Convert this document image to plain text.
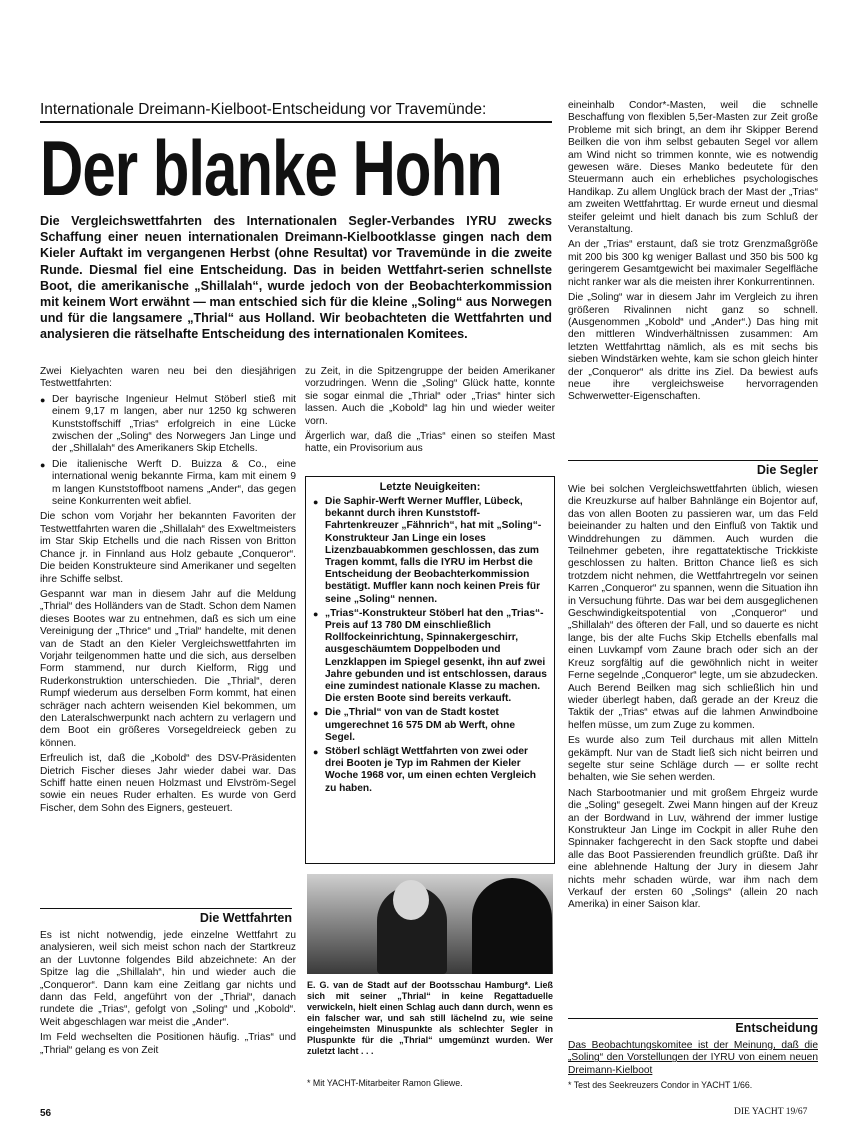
Internationale Dreimann-Kielboot-Entscheidung vor Travemünde:
Der blanke Hohn
Die Vergleichswettfahrten des Internationalen Segler-Verbandes IYRU zwecks Schaffung einer neuen internationalen Dreimann-Kielbootklasse gingen nach dem Kieler Auftakt im vergangenen Herbst (ohne Resultat) vor Travemünde in die zweite Runde. Diesmal fiel eine Entscheidung. Das in beiden Wettfahrt-serien schnellste Boot, die amerikanische „Shillalah“, wurde jedoch von der Beobachterkommission mit keinem Wort erwähnt — man entschied sich für die kleine „Soling“ aus Norwegen und für die langsamere „Thrial“ aus Holland. Wir beobachteten die Wettfahrten und analysieren die rätselhafte Entscheidung des internationalen Komitees.

Zwei Kielyachten waren neu bei den diesjährigen Testwettfahrten:

● Der bayrische Ingenieur Helmut Stöberl stieß mit einem 9,17 m langen, aber nur 1250 kg schweren Kunststoffschiff „Trias“ erfolgreich in eine Lücke zwischen der „Soling“ des Norwegers Jan Linge und der „Shillalah“ des Amerikaners Skip Etchells.

● Die italienische Werft D. Buizza & Co., eine international wenig bekannte Firma, kam mit einem 9 m langen Kunststoffboot namens „Ander“, das gegen seine Konkurrenten weit abfiel.

Die schon vom Vorjahr her bekannten Favoriten der Testwettfahrten waren die „Shillalah“ des Exweltmeisters im Star Skip Etchells und die nach Rissen von Britton Chance jr. in Finnland aus Holz gebaute „Conqueror“. Die beiden Konstrukteure sind Amerikaner und segelten ihre Schiffe selbst.

Gespannt war man in diesem Jahr auf die Meldung „Thrial“ des Holländers van de Stadt. Schon dem Namen dieses Bootes war zu entnehmen, daß es sich um eine Vereinigung der „Thrice“ und „Trial“ handelte, mit denen van de Stadt an den Kieler Vergleichswettfahrten im Vorjahr teilgenommen hatte und die sich, aus derselben Form stammend, nur durch Kielform, Rigg und Ruderkonstruktion unterschieden. Die „Thrial“, deren Rumpf wiederum aus derselben Form kommt, hat einen schräger nach achtern weisenden Kiel bekommen, um den Lateralschwerpunkt nach achtern zu verlagern und dem Boot ein größeres Vorsegeldreieck geben zu können.

Erfreulich ist, daß die „Kobold“ des DSV-Präsidenten Dietrich Fischer dieses Jahr wieder dabei war. Das Schiff hatte einen neuen Holzmast und Elvström-Segel sowie ein neues Ruder erhalten. Es wurde von Gerd Fischer, dem Sohn des Eigners, gesteuert.

Die Wettfahrten

Es ist nicht notwendig, jede einzelne Wettfahrt zu analysieren, weil sich meist schon nach der Startkreuz an der Luvtonne folgendes Bild abzeichnete: An der Spitze lag die „Shillalah“, hin und wieder auch die „Conqueror“. Dann kam eine Zeitlang gar nichts und dann das Feld, angeführt von der „Thrial“, danach rundete die „Trias“, gefolgt von „Soling“ und „Kobold“. Weit abgeschlagen war meist die „Ander“.

Im Feld wechselten die Positionen häufig. „Trias“ und „Thrial“ gelang es von Zeit

zu Zeit, in die Spitzengruppe der beiden Amerikaner vorzudringen. Wenn die „Soling“ Glück hatte, konnte sie sogar einmal die „Thrial“ oder „Trias“ hinter sich lassen. Auch die „Kobold“ lag hin und wieder weiter vorn.

Ärgerlich war, daß die „Trias“ einen so steifen Mast hatte, ein Provisorium aus

Letzte Neuigkeiten:

● Die Saphir-Werft Werner Muffler, Lübeck, bekannt durch ihren Kunststoff-Fahrtenkreuzer „Fähnrich“, hat mit „Soling“-Konstrukteur Jan Linge ein loses Lizenzbauabkommen geschlossen, das zum Tragen kommt, falls die IYRU im Herbst die Entscheidung der Beobachterkommission bestätigt. Muffler kann noch keinen Preis für seine „Soling“ nennen.

● „Trias“-Konstrukteur Stöberl hat den „Trias“-Preis auf 13 780 DM einschließlich Rollfockeinrichtung, Spinnakergeschirr, ausgeschäumtem Doppelboden und Lenzklappen im Spiegel gesenkt, ihn auf zwei Jahre gebunden und ist entschlossen, daraus eine zumindest nationale Klasse zu machen. Die ersten Boote sind bereits verkauft.

● Die „Thrial“ von van de Stadt kostet umgerechnet 16 575 DM ab Werft, ohne Segel.

● Stöberl schlägt Wettfahrten von zwei oder drei Booten je Typ im Rahmen der Kieler Woche 1968 vor, um einen echten Vergleich zu haben.

E. G. van de Stadt auf der Bootsschau Hamburg*. Ließ sich mit seiner „Thrial“ in keine Regattaduelle verwickeln, hielt einen Schlag auch dann durch, wenn es ein falscher war, und sah still lächelnd zu, wie seine eingeheimsten Minuspunkte als schlechter Segler in Pluspunkte für die „Thrial“ umgemünzt wurden. Wer zuletzt lacht . . .
* Mit YACHT-Mitarbeiter Ramon Gliewe.

eineinhalb Condor*-Masten, weil die schnelle Beschaffung von flexiblen 5,5er-Masten zur Zeit große Probleme mit sich bringt, an dem ihr Skipper Berend Beilken die von ihm selbst gebauten Segel vor allem am Wind nicht so trimmen konnte, wie es notwendig gewesen wäre. Dieses Manko bedeutete für den Steuermann auch ein erhebliches psychologisches Handikap. Zu allem Unglück brach der Mast der „Trias“ am zweiten Wettfahrttag. Er wurde erneut und diesmal steifer geleimt und hielt danach bis zum Schluß der Veranstaltung.

An der „Trias“ erstaunt, daß sie trotz Grenzmaßgröße mit 200 bis 300 kg weniger Ballast und 350 bis 500 kg geringerem Gesamtgewicht bei maximaler Segelfläche nicht ranker war als die meisten ihrer Konkurrentinnen.

Die „Soling“ war in diesem Jahr im Vergleich zu ihren größeren Rivalinnen nicht ganz so schnell. (Ausgenommen „Kobold“ und „Ander“.) Das hing mit den mittleren Windverhältnissen zusammen: Am letzten Wettfahrttag nämlich, als es mit sechs bis sieben Windstärken wehte, kam sie schon gleich hinter der „Conqueror“ als dritte ins Ziel. Da bewiest aufs neue ihre vergleichsweise hervorragenden Schwerwetter-Eigenschaften.

Die Segler

Wie bei solchen Vergleichswettfahrten üblich, wiesen die Kreuzkurse auf halber Bahnlänge ein Bojentor auf, das von allen Booten zu passieren war, um das Feld beieinander zu halten und den Einfluß von Taktik und Winddrehungen zu dämmen. Auch wurden die Teilnehmer gebeten, ihre regattatektische Trickkiste geschlossen zu halten. Britton Chance ließ es sich trotzdem nicht nehmen, die Wettfahrtregeln vor seinen Karren „Conqueror“ zu spannen, wenn die Situation ihn in Versuchung führte. Das war bei dem ausgeglichenen Geschwindigkeitspotential von „Conqueror“ und „Shillalah“ des öfteren der Fall, und so dauerte es nicht lange, bis der alte Fuchs Skip Etchells ebenfalls mal einen Luvkampf vom Zaune brach oder sich an der Kreuz sorgfältig auf die gewöhnlich nicht in weiter Ferne segelnde „Conqueror“ legte, um sie abzudecken. Auch Berend Beilken mag sich schließlich hin und wieder überlegt haben, daß gerade an der Kreuz die Taktik der „Trias“ etwas auf die lahmen Anwindboine helfen müsse, um zum Zuge zu kommen.

Es wurde also zum Teil durchaus mit allen Mitteln gekämpft. Nur van de Stadt ließ sich nicht beirren und segelte stur seine Schläge durch — er sollte recht behalten, wie Sie sehen werden.

Nach Starbootmanier und mit großem Ehrgeiz wurde die „Soling“ gesegelt. Zwei Mann hingen auf der Kreuz an der Bordwand in Luv, während der immer lustige Konstrukteur Jan Linge im Cockpit in aller Ruhe den Spinnaker fachgerecht in den Sack stopfte und dabei alle das Boot Passierenden freundlich grüßte. Daß ihr eine ablehnende Haltung der Jury in diesem Jahr nichts mehr schaden würde, war ihm nach dem Verkauf der ersten 60 „Solings“ (allein 20 nach Amerika) in einer Saison klar.

Entscheidung
Das Beobachtungskomitee ist der Meinung, daß die „Soling“ den Vorstellungen der IYRU von einem neuen Dreimann-Kielboot
* Test des Seekreuzers Condor in YACHT 1/66.
56	DIE YACHT 19/67
